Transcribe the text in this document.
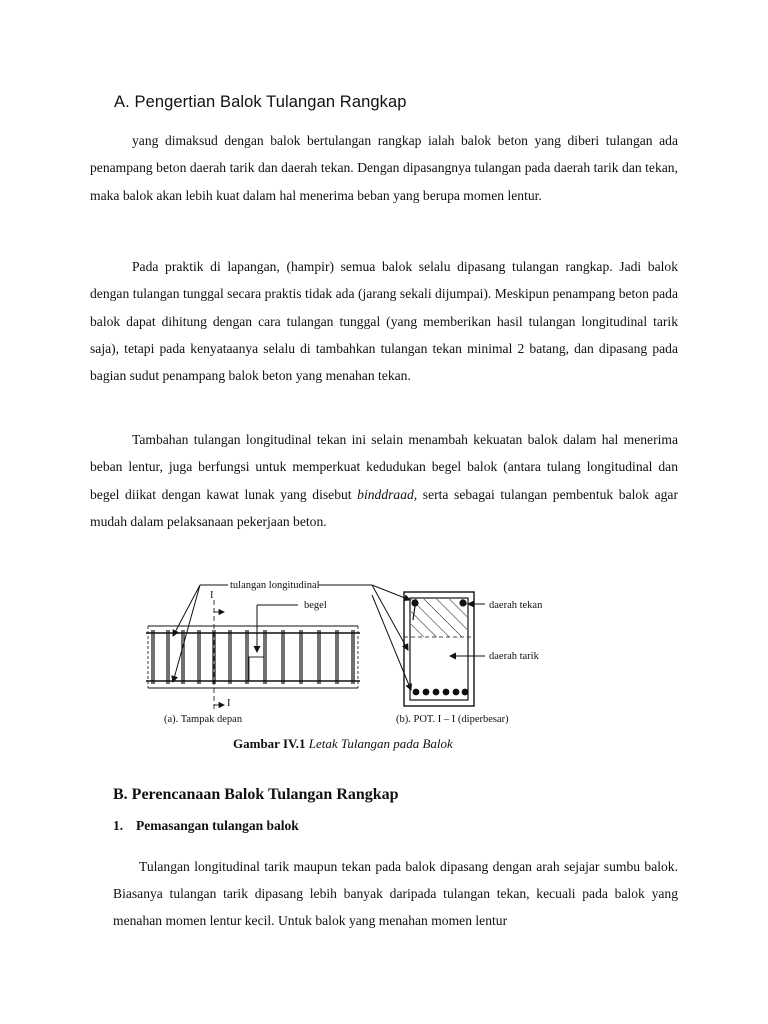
A. Pengertian Balok Tulangan Rangkap

yang dimaksud dengan balok bertulangan rangkap ialah balok beton yang diberi tulangan ada penampang beton daerah tarik dan daerah tekan. Dengan dipasangnya tulangan pada daerah tarik dan tekan, maka balok akan lebih kuat dalam hal menerima beban yang berupa momen lentur.

Pada praktik di lapangan, (hampir) semua balok selalu dipasang tulangan rangkap. Jadi balok dengan tulangan tunggal secara praktis tidak ada (jarang sekali dijumpai). Meskipun penampang beton pada balok dapat dihitung dengan cara tulangan tunggal (yang memberikan hasil tulangan longitudinal tarik saja), tetapi pada kenyataanya selalu di tambahkan tulangan tekan minimal 2 batang, dan dipasang pada bagian sudut penampang balok beton yang menahan tekan.

Tambahan tulangan longitudinal tekan ini selain menambah kekuatan balok dalam hal menerima beban lentur, juga berfungsi untuk memperkuat kedudukan begel balok (antara tulang longitudinal dan begel diikat dengan kawat lunak yang disebut binddraad, serta sebagai tulangan pembentuk balok agar mudah dalam pelaksanaan pekerjaan beton.

tulangan longitudinal
begel
I
I
(a). Tampak depan
daerah tekan
daerah tarik
(b). POT. I – I (diperbesar)
Gambar IV.1 Letak Tulangan pada Balok
B. Perencanaan Balok Tulangan Rangkap
1. Pemasangan tulangan balok

Tulangan longitudinal tarik maupun tekan pada balok dipasang dengan arah sejajar sumbu balok. Biasanya tulangan tarik dipasang lebih banyak daripada tulangan tekan, kecuali pada balok yang menahan momen lentur kecil. Untuk balok yang menahan momen lentur
